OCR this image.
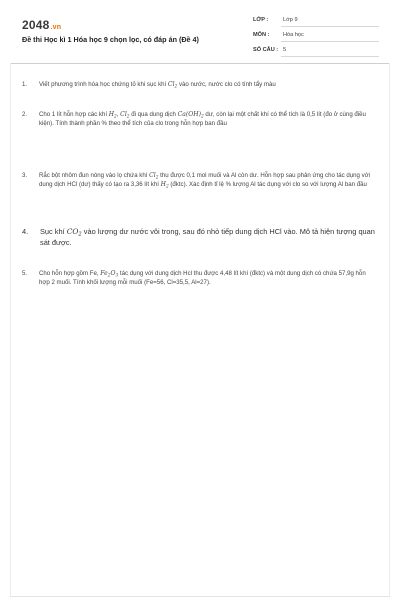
2048.vn
Đề thi Học kì 1 Hóa học 9 chọn lọc, có đáp án (Đề 4)
LỚP :	Lớp 9
MÔN : Hóa học
SỐ CÂU : 5
1. Viết phương trình hóa học chứng tỏ khi sục khí $Cl_2$ vào nước, nước clo có tính tẩy màu
2. Cho 1 lít hỗn hợp các khí $H_2$, $Cl_2$ đi qua dung dịch $Ca(OH)_2$ dư, còn lại một chất khí có thể tích là 0,5 lít (đo ở cùng điều kiện). Tính thành phần % theo thể tích của clo trong hỗn hợp ban đầu
3. Rắc bột nhôm đun nóng vào lọ chứa khí $Cl_2$ thu được 0,1 mol muối và Al còn dư. Hỗn hợp sau phản ứng cho tác dụng với dung dịch HCl (dư) thấy có tạo ra 3,36 lít khí $H_2$ (đktc). Xác định tỉ lệ % lượng Al tác dụng với clo so với lượng Al ban đầu
4. Sục khí $CO_2$ vào lượng dư nước vôi trong, sau đó nhỏ tiếp dung dịch HCl vào. Mô tả hiện tượng quan sát được.
5. Cho hỗn hợp gồm Fe, $Fe_2O_3$ tác dụng với dung dịch Hcl thu được 4,48 lít khí (đktc) và một dung dịch có chứa 57,9g hỗn hợp 2 muối. Tính khối lượng mỗi muối (Fe=56, Cl=35,5, Al=27).
